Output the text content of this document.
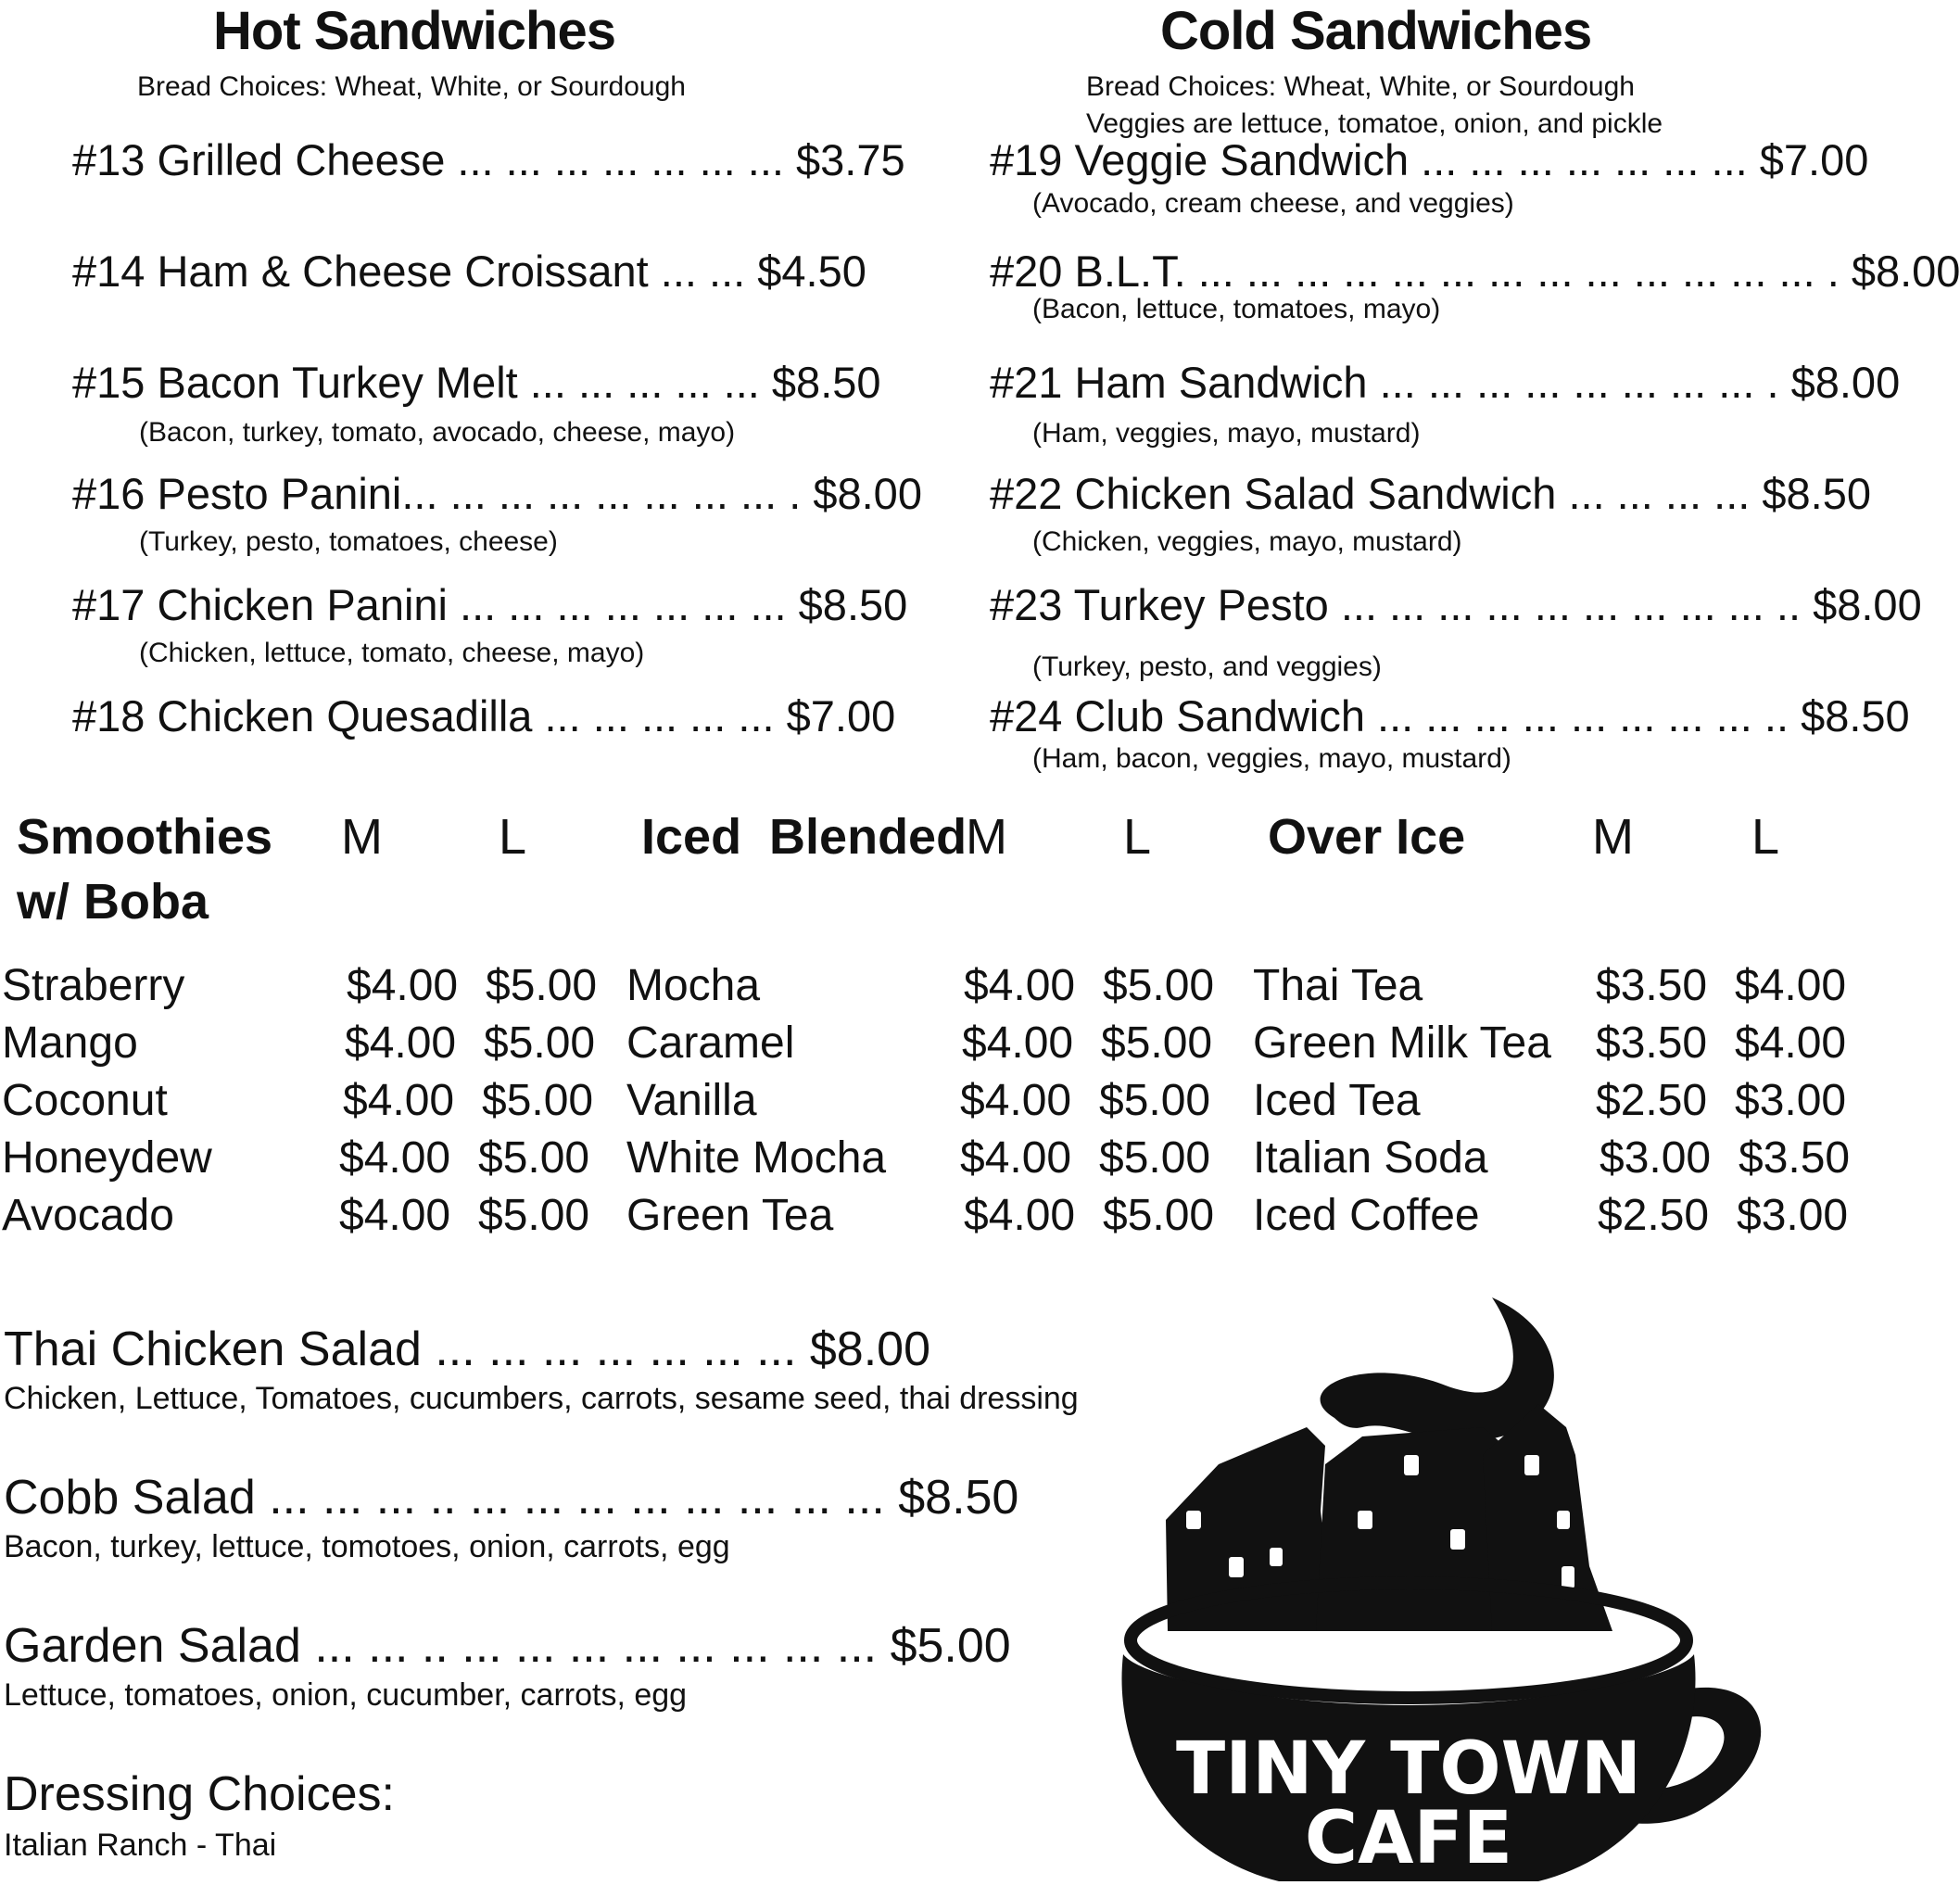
Hot Sandwiches
Bread Choices: Wheat, White, or Sourdough
#13 Grilled Cheese ... ... ... ... ... ... ... $3.75
#14 Ham & Cheese Croissant ... ... $4.50
#15 Bacon Turkey Melt ... ... ... ... ... $8.50
(Bacon, turkey, tomato, avocado, cheese, mayo)
#16 Pesto Panini... ... ... ... ... ... ... ... . $8.00
(Turkey, pesto, tomatoes, cheese)
#17 Chicken Panini ... ... ... ... ... ... ... $8.50
(Chicken, lettuce, tomato, cheese, mayo)
#18 Chicken Quesadilla ... ... ... ... ... $7.00
Cold Sandwiches
Bread Choices: Wheat, White, or Sourdough
Veggies are lettuce, tomatoe, onion, and pickle
#19 Veggie Sandwich ... ... ... ... ... ... ... $7.00
(Avocado, cream cheese, and veggies)
#20 B.L.T. ... ... ... ... ... ... ... ... ... ... ... ... ... . $8.00
(Bacon, lettuce, tomatoes, mayo)
#21 Ham Sandwich ... ... ... ... ... ... ... ... . $8.00
(Ham, veggies, mayo, mustard)
#22 Chicken Salad Sandwich ... ... ... ... $8.50
(Chicken, veggies, mayo, mustard)
#23 Turkey Pesto ... ... ... ... ... ... ... ... ... .. $8.00
(Turkey, pesto, and veggies)
#24 Club Sandwich ... ... ... ... ... ... ... ... .. $8.50
(Ham, bacon, veggies, mayo, mustard)
Smoothies
w/ Boba
M L Iced  Blended
M L Over Ice	M L
Straberry	$4.00 $5.00
Mango	$4.00 $5.00
Coconut	$4.00 $5.00
Honeydew	$4.00 $5.00
Avocado	$4.00 $5.00
Mocha	$4.00 $5.00
Caramel	$4.00 $5.00
Vanilla	$4.00 $5.00
White Mocha $4.00 $5.00
Green Tea	$4.00 $5.00
Thai Tea	$3.50 $4.00
Green Milk Tea $3.50 $4.00
Iced Tea	$2.50 $3.00
Italian Soda	$3.00 $3.50
Iced Coffee	$2.50 $3.00
Thai Chicken Salad ... ... ... ... ... ... ... $8.00
Chicken, Lettuce, Tomatoes, cucumbers, carrots, sesame seed, thai dressing
Cobb Salad ... ... ... .. ... ... ... ... ... ... ... ... $8.50
Bacon, turkey, lettuce, tomotoes, onion, carrots, egg
Garden Salad ... ... .. ... ... ... ... ... ... ... ... $5.00
Lettuce, tomatoes, onion, cucumber, carrots, egg
Dressing Choices:
Italian Ranch - Thai
TINY TOWN
CAFE
